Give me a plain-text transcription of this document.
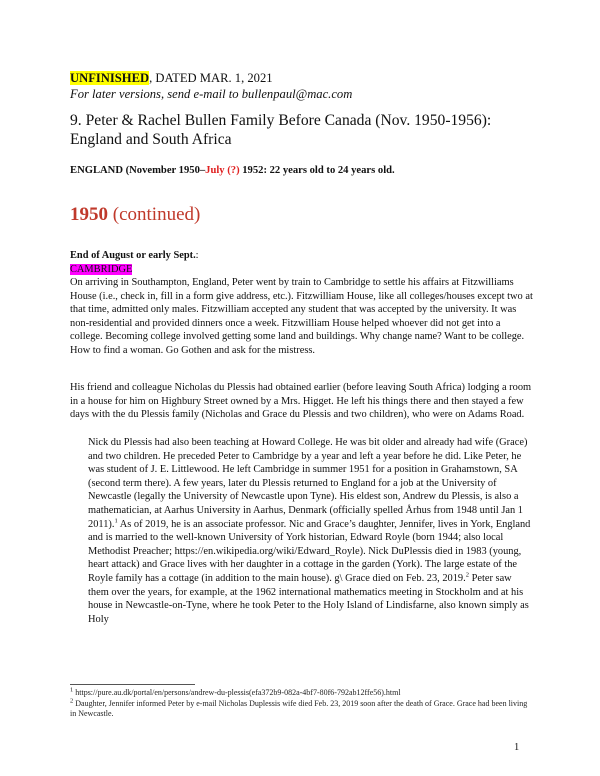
UNFINISHED, DATED MAR. 1, 2021

For later versions, send e-mail to bullenpaul@mac.com

9. Peter & Rachel Bullen Family Before Canada (Nov. 1950-1956): England and South Africa
ENGLAND (November 1950–July (?) 1952: 22 years old to 24 years old.
1950 (continued)

End of August or early Sept.:

CAMBRIDGE

On arriving in Southampton, England, Peter went by train to Cambridge to settle his affairs at Fitzwilliams House (i.e., check in, fill in a form give address, etc.). Fitzwilliam House, like all colleges/houses except two at that time, admitted only males. Fitzwilliam accepted any student that was accepted by the university. It was non-residential and provided dinners once a week. Fitzwilliam House helped whoever did not get into a college. Becoming college involved getting some land and buildings. Why change name? Want to be college. How to find a woman. Go Gothen and ask for the mistress.
His friend and colleague Nicholas du Plessis had obtained earlier (before leaving South Africa) lodging a room in a house for him on Highbury Street owned by a Mrs. Higget. He left his things there and then stayed a few days with the du Plessis family (Nicholas and Grace du Plessis and two children), who were on Adams Road.
Nick du Plessis had also been teaching at Howard College. He was bit older and already had wife (Grace) and two children. He preceded Peter to Cambridge by a year and left a year before he did. Like Peter, he was student of J. E. Littlewood. He left Cambridge in summer 1951 for a position in Grahamstown, SA (second term there). A few years, later du Plessis returned to England for a job at the University of Newcastle (legally the University of Newcastle upon Tyne). His eldest son, Andrew du Plessis, is also a mathematician, at Aarhus University in Aarhus, Denmark (officially spelled Århus from 1948 until Jan 1 2011).$^1$ As of 2019, he is an associate professor. Nic and Grace’s daughter, Jennifer, lives in York, England and is married to the well-known University of York historian, Edward Royle (born 1944; also local Methodist Preacher; https://en.wikipedia.org/wiki/Edward_Royle). Nick DuPlessis died in 1983 (young, heart attack) and Grace lives with her daughter in a cottage in the garden (York). The large estate of the Royle family has a cottage (in addition to the main house). g\ Grace died on Feb. 23, 2019.$^2$ Peter saw them over the years, for example, at the 1962 international mathematics meeting in Stockholm and at his house in Newcastle-on-Tyne, where he took Peter to the Holy Island of Lindisfarne, also known simply as Holy

$^1$ https://pure.au.dk/portal/en/persons/andrew-du-plessis(efa372b9-082a-4bf7-80f6-792ab12ffe56).html

$^2$ Daughter, Jennifer informed Peter by e-mail Nicholas Duplessis wife died Feb. 23, 2019 soon after the death of Grace. Grace had been living in Newcastle.

1
